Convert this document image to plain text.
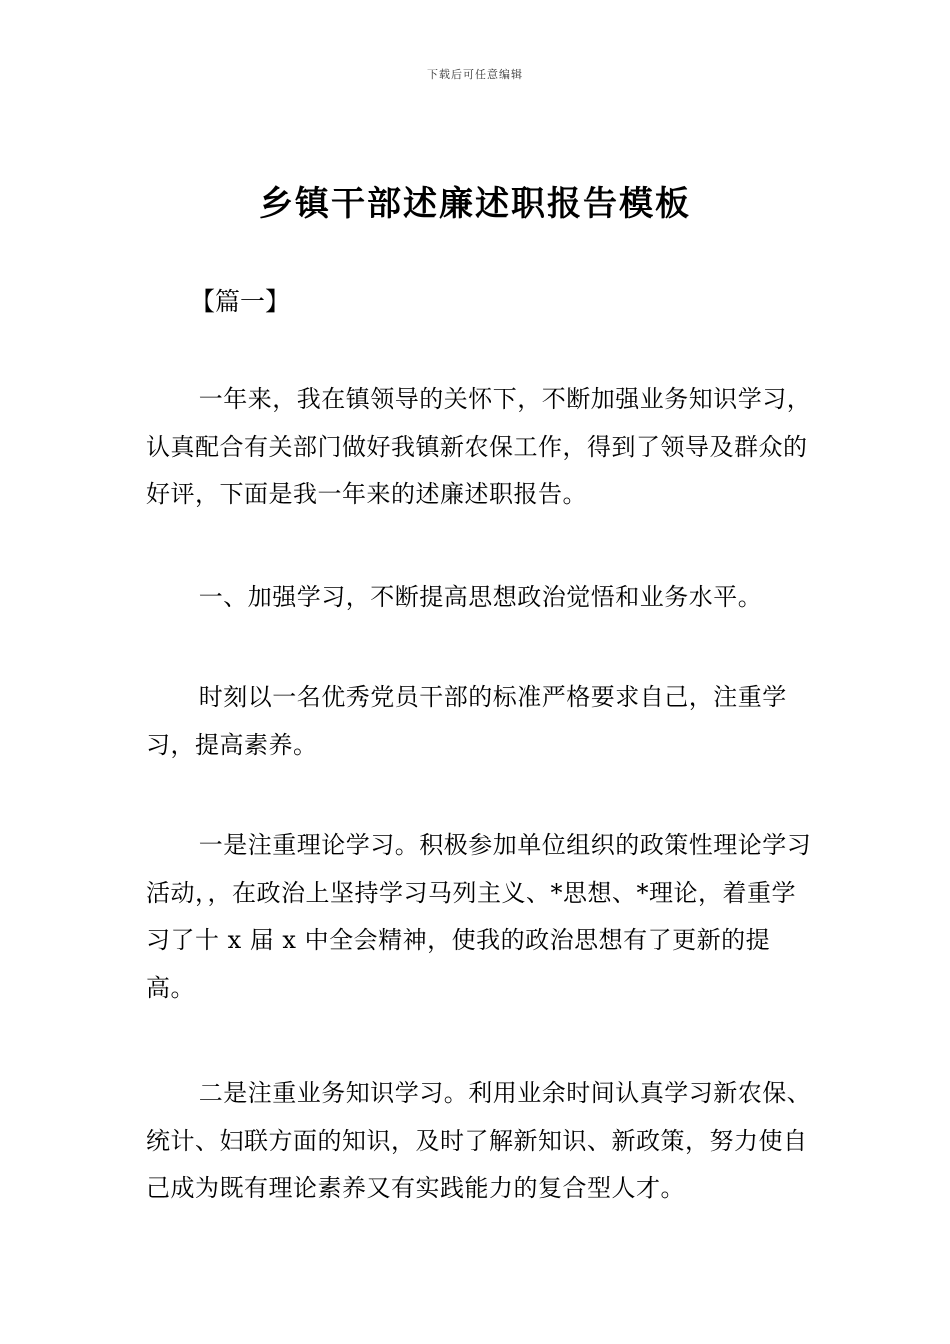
下载后可任意编辑
乡镇干部述廉述职报告模板

【篇一】

一年来，我在镇领导的关怀下，不断加强业务知识学习，认真配合有关部门做好我镇新农保工作，得到了领导及群众的好评，下面是我一年来的述廉述职报告。

一、加强学习，不断提高思想政治觉悟和业务水平。

时刻以一名优秀党员干部的标准严格要求自己，注重学习，提高素养。

一是注重理论学习。积极参加单位组织的政策性理论学习活动，，在政治上坚持学习马列主义、*思想、*理论，着重学习了十 x 届 x 中全会精神，使我的政治思想有了更新的提高。

二是注重业务知识学习。利用业余时间认真学习新农保、统计、妇联方面的知识，及时了解新知识、新政策，努力使自己成为既有理论素养又有实践能力的复合型人才。
